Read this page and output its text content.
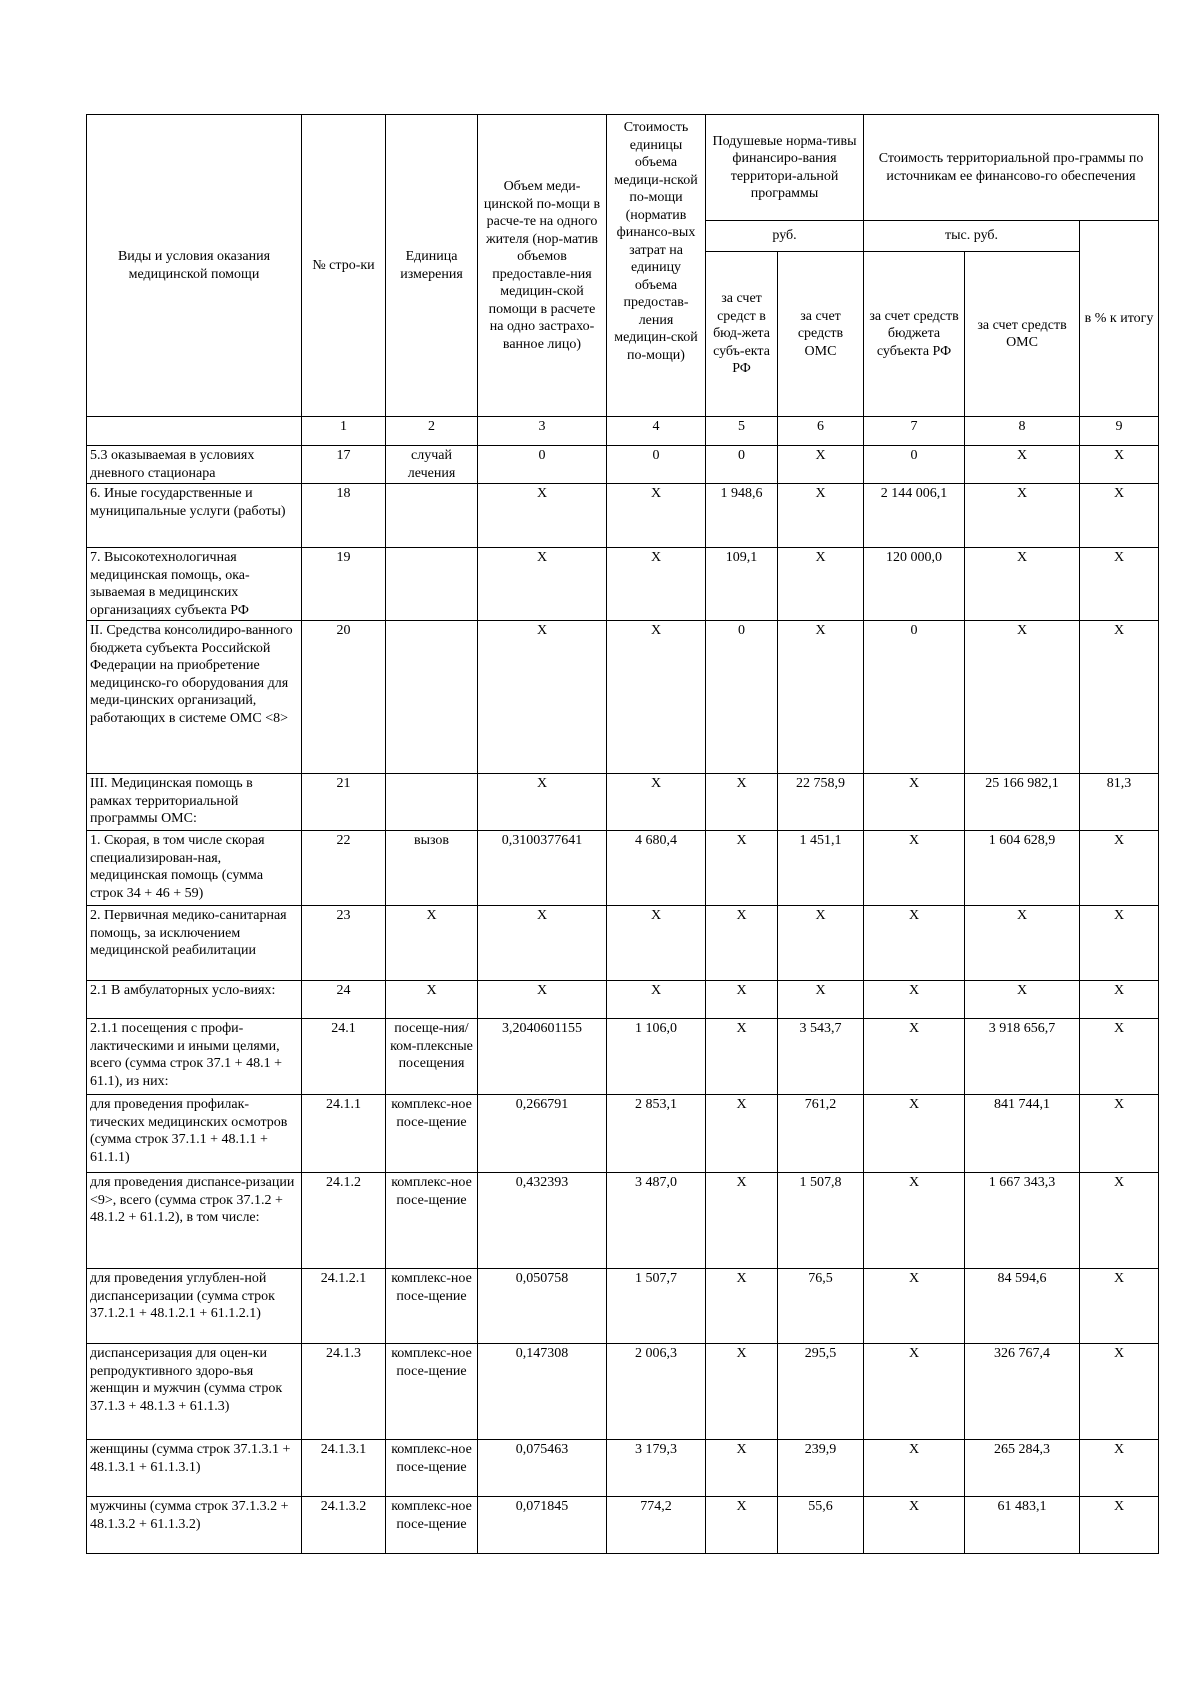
Виды и условия оказания медицинской помощи	№ стро-ки	Единица измерения	Объем меди-цинской по-мощи в расче-те на одного жителя (нор-матив объемов предоставле-ния медицин-ской помощи в расчете на одно застрахо-ванное лицо)	Стоимость единицы объема медици-нской по-мощи (норматив финансо-вых затрат на единицу объема предостав-ления медицин-ской по-мощи)	Подушевые норма-тивы финансиро-вания территори-альной программы		Стоимость территориальной про-граммы по источникам ее финансово-го обеспечения		
					руб.		тыс. руб.		в % к итогу
					за счет средст в бюд-жета субъ-екта РФ	за счет средств ОМС	за счет средств бюджета субъекта РФ	за счет средств ОМС	
	1	2	3	4	5	6	7	8	9
5.3 оказываемая в условиях дневного стационара	17	случай лечения	0	0	0	X	0	X	X
6. Иные государственные и муниципальные услуги (работы)	18		X	X	1 948,6	X	2 144 006,1	X	X
7. Высокотехнологичная медицинская помощь, ока-зываемая в медицинских организациях субъекта РФ	19		X	X	109,1	X	120 000,0	X	X
II. Средства консолидиро-ванного бюджета субъекта Российской Федерации на приобретение медицинско-го оборудования для меди-цинских организаций, работающих в системе ОМС <8>	20		X	X	0	X	0	X	X
III. Медицинская помощь в рамках территориальной программы ОМС:	21		X	X	X	22 758,9	X	25 166 982,1	81,3
1. Скорая, в том числе скорая специализирован-ная, медицинская помощь (сумма строк 34 + 46 + 59)	22	вызов	0,3100377641	4 680,4	X	1 451,1	X	1 604 628,9	X
2. Первичная медико-санитарная помощь, за исключением медицинской реабилитации	23	X	X	X	X	X	X	X	X
2.1 В амбулаторных усло-виях:	24	X	X	X	X	X	X	X	X
2.1.1 посещения с профи-лактическими и иными целями, всего (сумма строк 37.1 + 48.1 + 61.1), из них:	24.1	посеще-ния/ ком-плексные посещения	3,2040601155	1 106,0	X	3 543,7	X	3 918 656,7	X
для проведения профилак-тических медицинских осмотров (сумма строк 37.1.1 + 48.1.1 + 61.1.1)	24.1.1	комплекс-ное посе-щение	0,266791	2 853,1	X	761,2	X	841 744,1	X
для проведения диспансе-ризации <9>, всего (сумма строк 37.1.2 + 48.1.2 + 61.1.2), в том числе:	24.1.2	комплекс-ное посе-щение	0,432393	3 487,0	X	1 507,8	X	1 667 343,3	X
для проведения углублен-ной диспансеризации (сумма строк 37.1.2.1 + 48.1.2.1 + 61.1.2.1)	24.1.2.1	комплекс-ное посе-щение	0,050758	1 507,7	X	76,5	X	84 594,6	X
диспансеризация для оцен-ки репродуктивного здоро-вья женщин и мужчин (сумма строк 37.1.3 + 48.1.3 + 61.1.3)	24.1.3	комплекс-ное посе-щение	0,147308	2 006,3	X	295,5	X	326 767,4	X
женщины (сумма строк 37.1.3.1 + 48.1.3.1 + 61.1.3.1)	24.1.3.1	комплекс-ное посе-щение	0,075463	3 179,3	X	239,9	X	265 284,3	X
мужчины (сумма строк 37.1.3.2 + 48.1.3.2 + 61.1.3.2)	24.1.3.2	комплекс-ное посе-щение	0,071845	774,2	X	55,6	X	61 483,1	X
